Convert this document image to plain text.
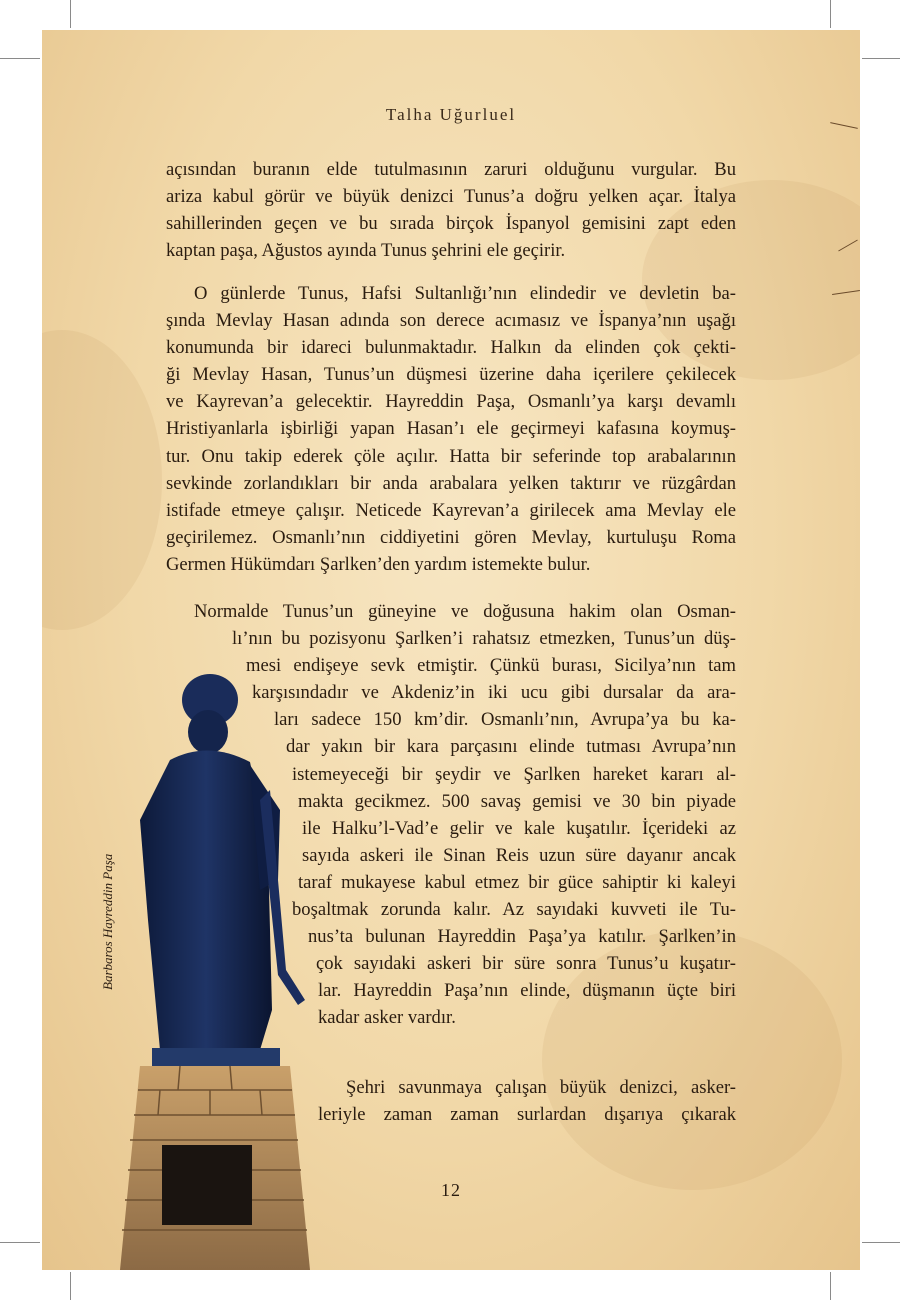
Talha Uğurluel
açısından buranın elde tutulmasının zaruri olduğunu vurgular. Bu
ariza kabul görür ve büyük denizci Tunus’a doğru yelken açar. İtalya
sahillerinden geçen ve bu sırada birçok İspanyol gemisini zapt eden
kaptan paşa, Ağustos ayında Tunus şehrini ele geçirir.
O günlerde Tunus, Hafsi Sultanlığı’nın elindedir ve devletin ba-
şında Mevlay Hasan adında son derece acımasız ve İspanya’nın uşağı
konumunda bir idareci bulunmaktadır. Halkın da elinden çok çekti-
ği Mevlay Hasan, Tunus’un düşmesi üzerine daha içerilere çekilecek
ve Kayrevan’a gelecektir. Hayreddin Paşa, Osmanlı’ya karşı devamlı
Hristiyanlarla işbirliği yapan Hasan’ı ele geçirmeyi kafasına koymuş-
tur. Onu takip ederek çöle açılır. Hatta bir seferinde top arabalarının
sevkinde zorlandıkları bir anda arabalara yelken taktırır ve rüzgârdan
istifade etmeye çalışır. Neticede Kayrevan’a girilecek ama Mevlay ele
geçirilemez. Osmanlı’nın ciddiyetini gören Mevlay, kurtuluşu Roma
Germen Hükümdarı Şarlken’den yardım istemekte bulur.
Normalde Tunus’un güneyine ve doğusuna hakim olan Osman-
lı’nın bu pozisyonu Şarlken’i rahatsız etmezken, Tunus’un düş-
mesi endişeye sevk etmiştir. Çünkü burası, Sicilya’nın tam
karşısındadır ve Akdeniz’in iki ucu gibi dursalar da ara-
ları sadece 150 km’dir. Osmanlı’nın, Avrupa’ya bu ka-
dar yakın bir kara parçasını elinde tutması Avrupa’nın
istemeyeceği bir şeydir ve Şarlken hareket kararı al-
makta gecikmez. 500 savaş gemisi ve 30 bin piyade
ile Halku’l-Vad’e gelir ve kale kuşatılır. İçerideki az
sayıda askeri ile Sinan Reis uzun süre dayanır ancak
taraf mukayese kabul etmez bir güce sahiptir ki kaleyi
boşaltmak zorunda kalır. Az sayıdaki kuvveti ile Tu-
nus’ta bulunan Hayreddin Paşa’ya katılır. Şarlken’in
çok sayıdaki askeri bir süre sonra Tunus’u kuşatır-
lar. Hayreddin Paşa’nın elinde, düşmanın üçte biri
kadar asker vardır.
Şehri savunmaya çalışan büyük denizci, asker-
leriyle zaman zaman surlardan dışarıya çıkarak
Barbaros Hayreddin Paşa
12
